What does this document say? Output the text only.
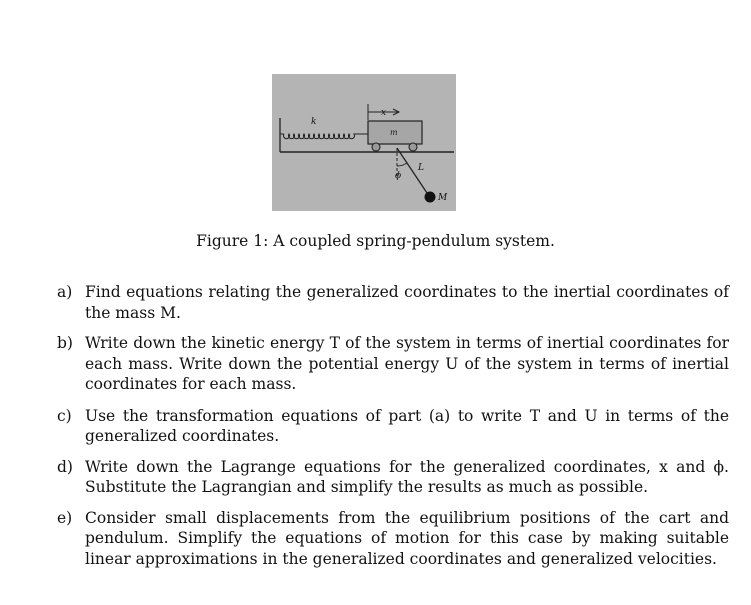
k
x
m
L
ϕ
M
Figure 1: A coupled spring-pendulum system.
a) Find equations relating the generalized coordinates to the inertial coordinates of the mass M.
b) Write down the kinetic energy T of the system in terms of inertial coordinates for each mass. Write down the potential energy U of the system in terms of inertial coordinates for each mass.
c) Use the transformation equations of part (a) to write T and U in terms of the generalized coordinates.
d) Write down the Lagrange equations for the generalized coordinates, x and ϕ. Substitute the Lagrangian and simplify the results as much as possible.
e) Consider small displacements from the equilibrium positions of the cart and pendulum. Simplify the equations of motion for this case by making suitable linear approximations in the generalized coordinates and generalized velocities.
